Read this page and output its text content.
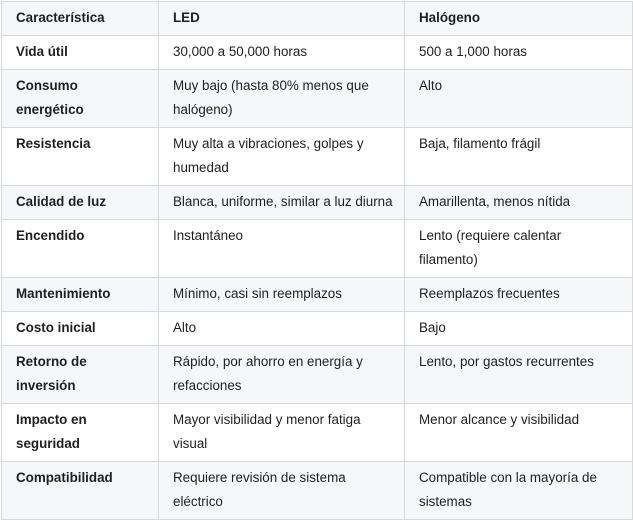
Característica	LED	Halógeno
Vida útil	30,000 a 50,000 horas	500 a 1,000 horas
Consumo energético	Muy bajo (hasta 80% menos que halógeno)	Alto
Resistencia	Muy alta a vibraciones, golpes y humedad	Baja, filamento frágil
Calidad de luz	Blanca, uniforme, similar a luz diurna	Amarillenta, menos nítida
Encendido	Instantáneo	Lento (requiere calentar filamento)
Mantenimiento	Mínimo, casi sin reemplazos	Reemplazos frecuentes
Costo inicial	Alto	Bajo
Retorno de inversión	Rápido, por ahorro en energía y refacciones	Lento, por gastos recurrentes
Impacto en seguridad	Mayor visibilidad y menor fatiga visual	Menor alcance y visibilidad
Compatibilidad	Requiere revisión de sistema eléctrico	Compatible con la mayoría de sistemas
